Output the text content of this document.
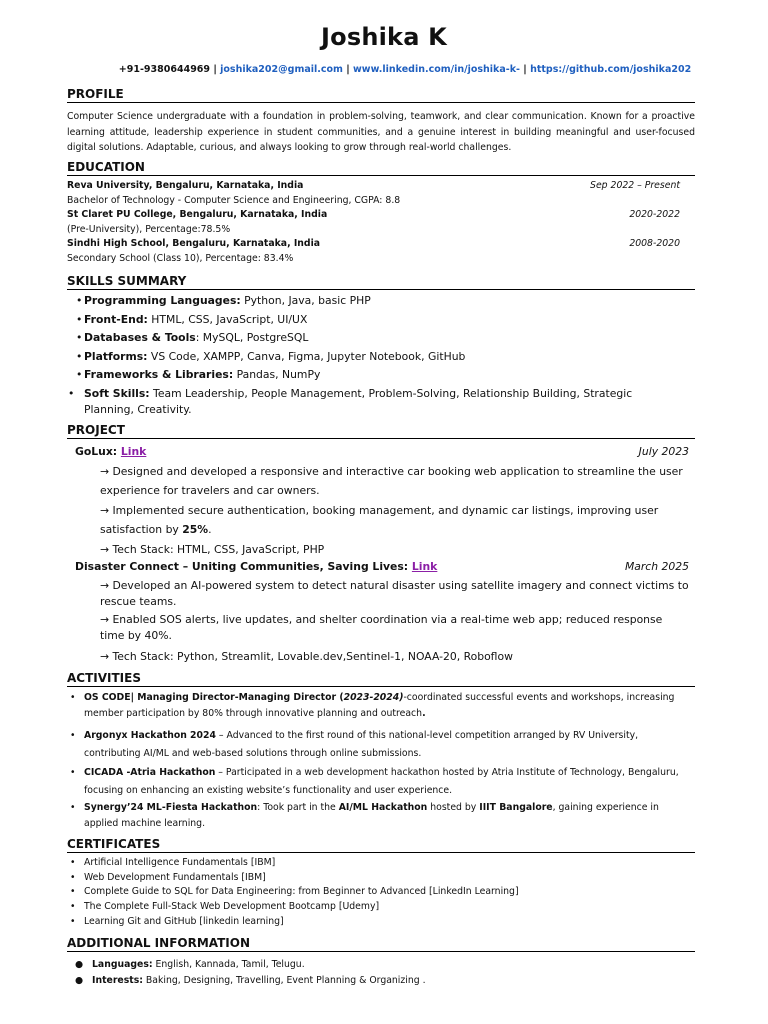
Joshika K
+91-9380644969 | joshika202@gmail.com | www.linkedin.com/in/joshika-k- | https://github.com/joshika202
PROFILE
Computer Science undergraduate with a foundation in problem-solving, teamwork, and clear communication. Known for a proactive learning attitude, leadership experience in student communities, and a genuine interest in building meaningful and user-focused digital solutions. Adaptable, curious, and always looking to grow through real-world challenges.
EDUCATION
Reva University, Bengaluru, Karnataka, India	Sep 2022 – Present
Bachelor of Technology - Computer Science and Engineering, CGPA: 8.8
St Claret PU College, Bengaluru, Karnataka, India	2020-2022
(Pre-University), Percentage:78.5%
Sindhi High School, Bengaluru, Karnataka, India	2008-2020
Secondary School (Class 10), Percentage: 83.4%
SKILLS SUMMARY
• Programming Languages: Python, Java, basic PHP
• Front-End: HTML, CSS, JavaScript, UI/UX
• Databases & Tools: MySQL, PostgreSQL
• Platforms: VS Code, XAMPP, Canva, Figma, Jupyter Notebook, GitHub
• Frameworks & Libraries: Pandas, NumPy
• Soft Skills: Team Leadership, People Management, Problem-Solving, Relationship Building, Strategic Planning, Creativity.
PROJECT
GoLux: Link	July 2023
→ Designed and developed a responsive and interactive car booking web application to streamline the user experience for travelers and car owners.
→ Implemented secure authentication, booking management, and dynamic car listings, improving user satisfaction by 25%.
→ Tech Stack: HTML, CSS, JavaScript, PHP
Disaster Connect – Uniting Communities, Saving Lives: Link	March 2025
→ Developed an AI-powered system to detect natural disaster using satellite imagery and connect victims to rescue teams.
→ Enabled SOS alerts, live updates, and shelter coordination via a real-time web app; reduced response time by 40%.
→ Tech Stack: Python, Streamlit, Lovable.dev,Sentinel-1, NOAA-20, Roboflow
ACTIVITIES
• OS CODE| Managing Director-Managing Director (2023-2024)-coordinated successful events and workshops, increasing member participation by 80% through innovative planning and outreach.
• Argonyx Hackathon 2024 – Advanced to the first round of this national-level competition arranged by RV University, contributing AI/ML and web-based solutions through online submissions.
• CICADA -Atria Hackathon – Participated in a web development hackathon hosted by Atria Institute of Technology, Bengaluru, focusing on enhancing an existing website’s functionality and user experience.
• Synergy’24 ML-Fiesta Hackathon: Took part in the AI/ML Hackathon hosted by IIIT Bangalore, gaining experience in applied machine learning.
CERTIFICATES
• Artificial Intelligence Fundamentals [IBM]
• Web Development Fundamentals [IBM]
• Complete Guide to SQL for Data Engineering: from Beginner to Advanced [LinkedIn Learning]
• The Complete Full-Stack Web Development Bootcamp [Udemy]
• Learning Git and GitHub [linkedin learning]
ADDITIONAL INFORMATION
● Languages: English, Kannada, Tamil, Telugu.
● Interests: Baking, Designing, Travelling, Event Planning & Organizing .
